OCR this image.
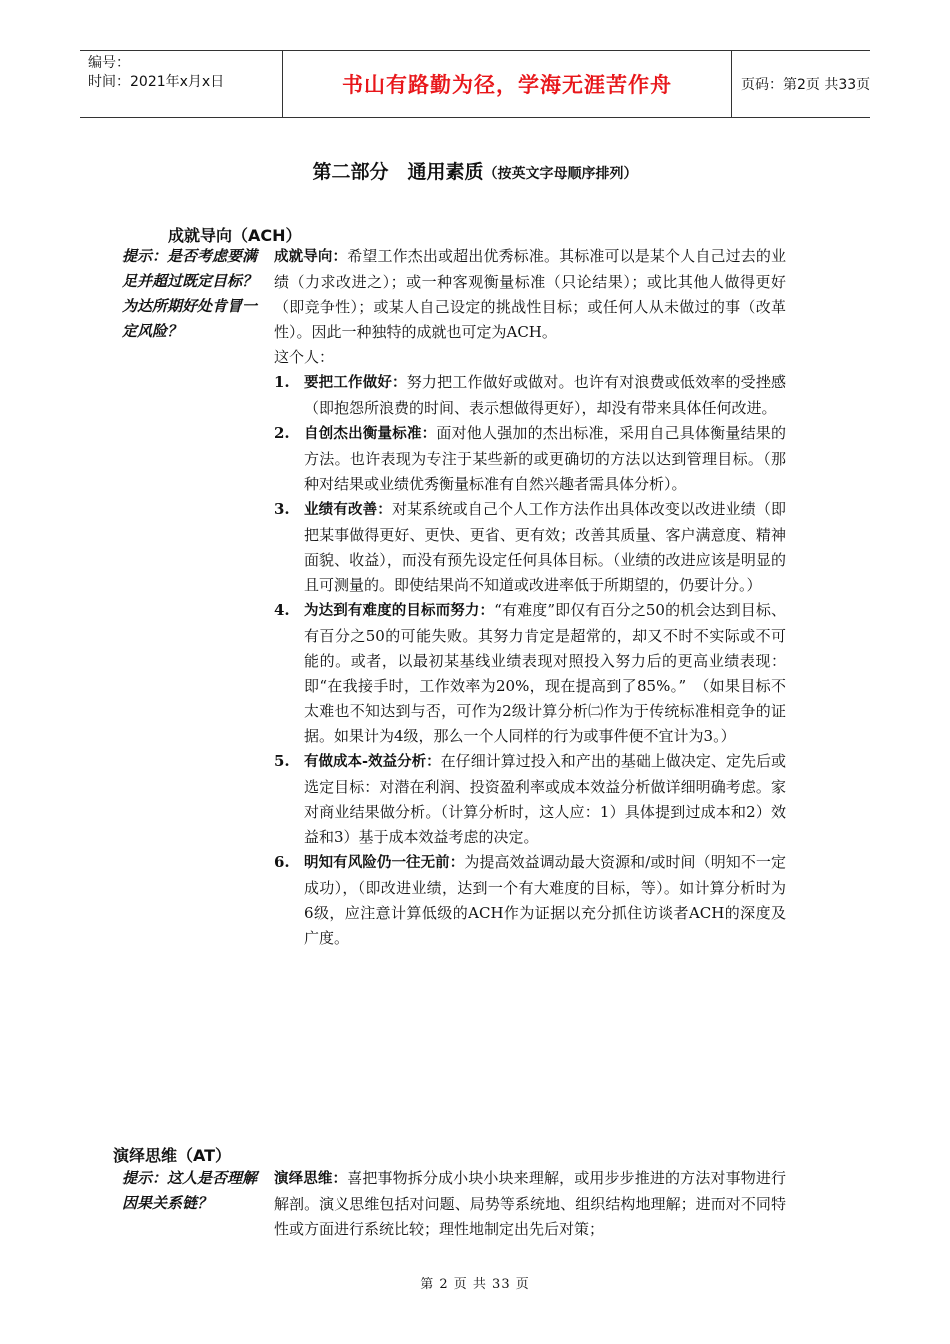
编号：
时间：2021年x月x日	书山有路勤为径，学海无涯苦作舟	页码：第2页 共33页
第二部分　通用素质（按英文字母顺序排列）
成就导向（ACH）
提示：是否考虑要满足并超过既定目标？为达所期好处肯冒一定风险？

成就导向：希望工作杰出或超出优秀标准。其标准可以是某个人自己过去的业绩（力求改进之）；或一种客观衡量标准（只论结果）；或比其他人做得更好（即竞争性）；或某人自己设定的挑战性目标；或任何人从未做过的事（改革性）。因此一种独特的成就也可定为ACH。

这个人：

1. 要把工作做好：努力把工作做好或做对。也许有对浪费或低效率的受挫感（即抱怨所浪费的时间、表示想做得更好），却没有带来具体任何改进。
2. 自创杰出衡量标准：面对他人强加的杰出标准，采用自己具体衡量结果的方法。也许表现为专注于某些新的或更确切的方法以达到管理目标。（那种对结果或业绩优秀衡量标准有自然兴趣者需具体分析）。
3. 业绩有改善：对某系统或自己个人工作方法作出具体改变以改进业绩（即把某事做得更好、更快、更省、更有效；改善其质量、客户满意度、精神面貌、收益），而没有预先设定任何具体目标。（业绩的改进应该是明显的且可测量的。即使结果尚不知道或改进率低于所期望的，仍要计分。）
4. 为达到有难度的目标而努力：“有难度”即仅有百分之50的机会达到目标、有百分之50的可能失败。其努力肯定是超常的，却又不时不实际或不可能的。或者，以最初某基线业绩表现对照投入努力后的更高业绩表现：即“在我接手时，工作效率为20%，现在提高到了85%。”　（如果目标不太难也不知达到与否，可作为2级计算分析㈡作为于传统标准相竞争的证据。如果计为4级，那么一个人同样的行为或事件便不宜计为3。）
5. 有做成本-效益分析：在仔细计算过投入和产出的基础上做决定、定先后或选定目标：对潜在利润、投资盈利率或成本效益分析做详细明确考虑。家对商业结果做分析。（计算分析时，这人应：1）具体提到过成本和2）效益和3）基于成本效益考虑的决定。
6. 明知有风险仍一往无前：为提高效益调动最大资源和/或时间（明知不一定成功），（即改进业绩，达到一个有大难度的目标，等）。如计算分析时为6级，应注意计算低级的ACH作为证据以充分抓住访谈者ACH的深度及广度。
演绎思维（AT）
提示：这人是否理解因果关系链？

演绎思维：喜把事物拆分成小块小块来理解，或用步步推进的方法对事物进行解剖。演义思维包括对问题、局势等系统地、组织结构地理解；进而对不同特性或方面进行系统比较；理性地制定出先后对策；

第 2 页 共 33 页
